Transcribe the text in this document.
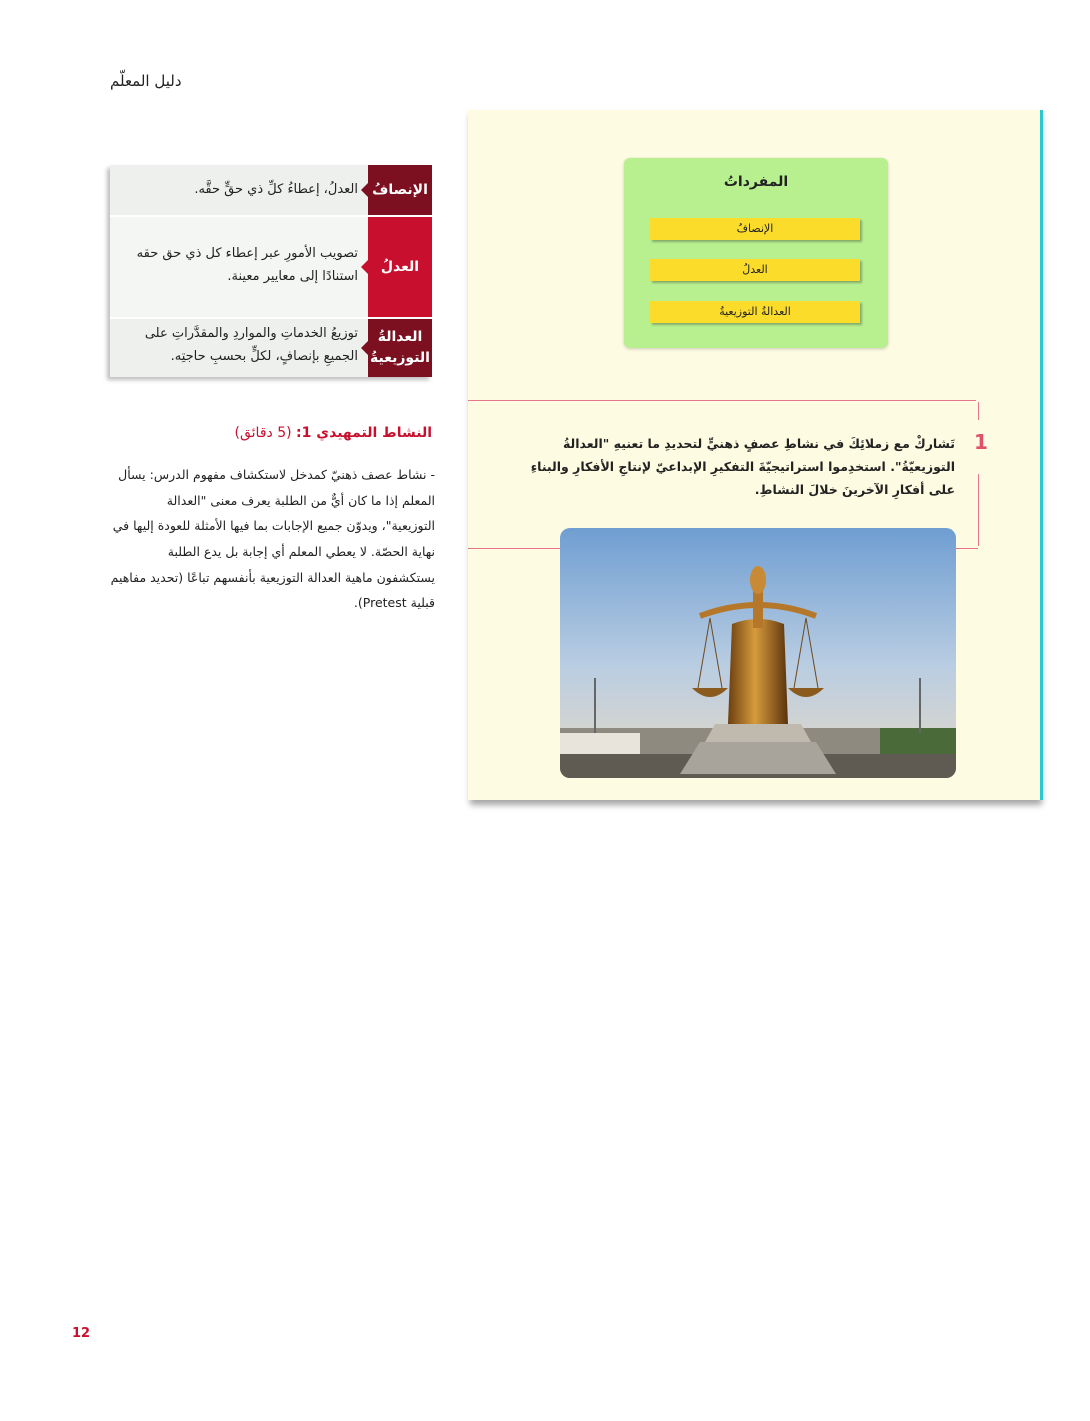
دليل المعلّم
الإنصافُ
العدلُ، إعطاءُ كلِّ ذي حقٍّ حقَّه.
العدلُ
تصويب الأمورِ عبر إعطاء كل ذي حق حقه استنادًا إلى معايير معينة.
العدالةُ التوزيعيةُ
توزيعُ الخدماتِ والمواردِ والمقدَّراتِ على الجميعِ بإنصافٍ، لكلٍّ بحسبِ حاجتِه.
النشاط التمهيدي 1: (5 دقائق)
- نشاط عصف ذهنيّ كمدخل لاستكشاف مفهوم الدرس: يسأل المعلم إذا ما كان أيٌّ من الطلبة يعرف معنى "العدالة التوزيعية"، ويدوّن جميع الإجابات بما فيها الأمثلة للعودة إليها في نهاية الحصّة. لا يعطي المعلم أي إجابة بل يدع الطلبة يستكشفون ماهية العدالة التوزيعية بأنفسهم تباعًا (تحديد مفاهيم قبلية Pretest).
المفرداتُ
الإنصافُ
العدلُ
العدالةُ التوزيعيةُ
1
تَشاركْ مع زملائِكَ في نشاطِ عصفٍ ذهنيٍّ لتحديدِ ما تعنيهِ "العدالةُ التوزيعيّةُ". استخدِموا استراتيجيّةَ التفكيرِ الإبداعيّ لإنتاجِ الأفكارِ والبناءِ على أفكارِ الآخرينَ خلالَ النشاطِ.
12
